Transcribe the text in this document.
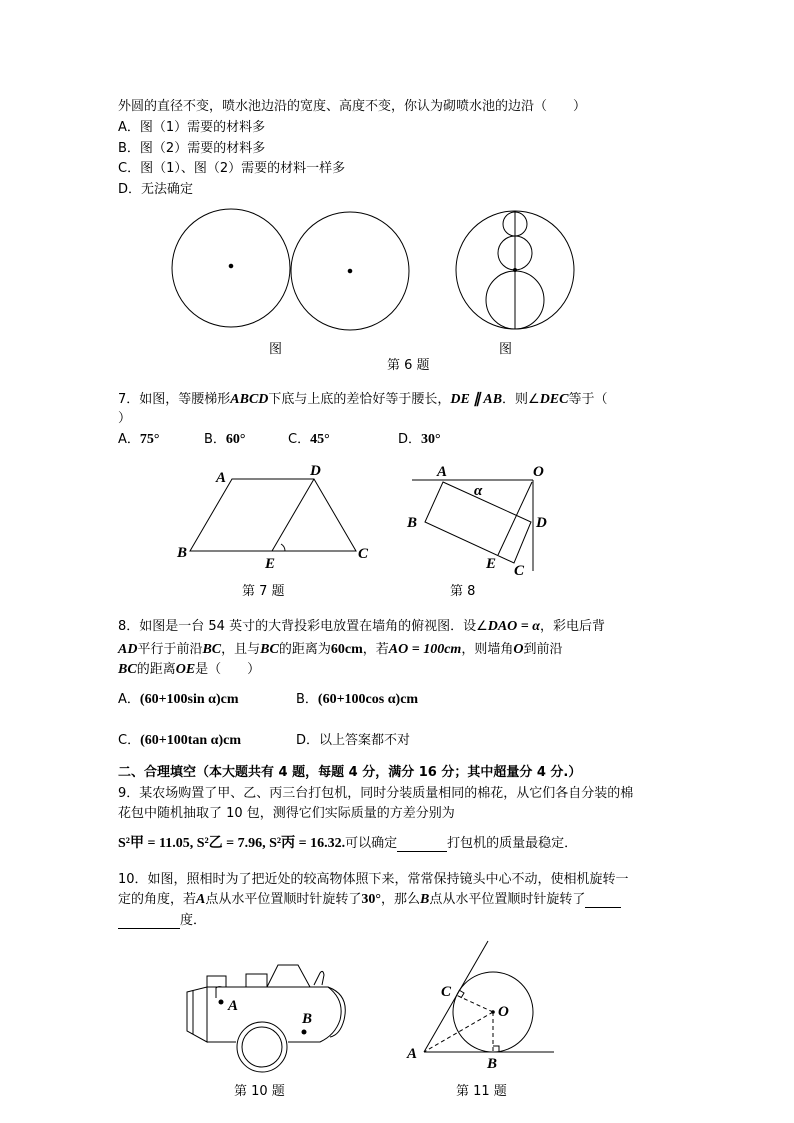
外圆的直径不变，喷水池边沿的宽度、高度不变，你认为砌喷水池的边沿（　　）
A．图（1）需要的材料多
B．图（2）需要的材料多
C．图（1）、图（2）需要的材料一样多
D．无法确定
A	D
B	C
E
A	O
α
B	D
E C
A
B
C
O
A
B
图	图
第 6 题
7．如图，等腰梯形ABCD下底与上底的差恰好等于腰长，DE ∥ AB．则∠DEC等于（
）
A．75°	B．60°	C．45°	D．30°
第 7 题	第 8
8．如图是一台 54 英寸的大背投彩电放置在墙角的俯视图．设∠DAO = α，彩电后背
AD平行于前沿BC，且与BC的距离为60cm，若AO = 100cm，则墙角O到前沿
BC的距离OE是（　　）
A．(60+100sin α)cm	B．(60+100cos α)cm
C．(60+100tan α)cm	D．以上答案都不对
二、合理填空（本大题共有 4 题，每题 4 分，满分 16 分；其中超量分 4 分.）
9．某农场购置了甲、乙、丙三台打包机，同时分装质量相同的棉花，从它们各自分装的棉
花包中随机抽取了 10 包，测得它们实际质量的方差分别为
S²甲 = 11.05, S²乙 = 7.96, S²丙 = 16.32.可以确定	打包机的质量最稳定．
10．如图，照相时为了把近处的较高物体照下来，常常保持镜头中心不动，使相机旋转一
定的角度，若A点从水平位置顺时针旋转了30°，那么B点从水平位置顺时针旋转了
度．
第 10 题	第 11 题
